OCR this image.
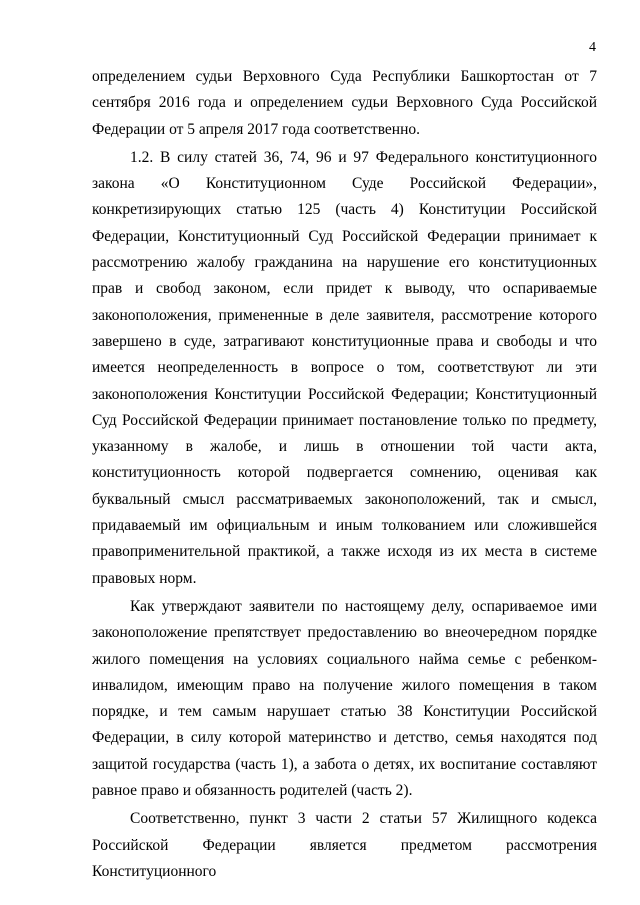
4

определением судьи Верховного Суда Республики Башкортостан от 7 сентября 2016 года и определением судьи Верховного Суда Российской Федерации от 5 апреля 2017 года соответственно.

1.2. В силу статей 36, 74, 96 и 97 Федерального конституционного закона «О Конституционном Суде Российской Федерации», конкретизирующих статью 125 (часть 4) Конституции Российской Федерации, Конституционный Суд Российской Федерации принимает к рассмотрению жалобу гражданина на нарушение его конституционных прав и свобод законом, если придет к выводу, что оспариваемые законоположения, примененные в деле заявителя, рассмотрение которого завершено в суде, затрагивают конституционные права и свободы и что имеется неопределенность в вопросе о том, соответствуют ли эти законоположения Конституции Российской Федерации; Конституционный Суд Российской Федерации принимает постановление только по предмету, указанному в жалобе, и лишь в отношении той части акта, конституционность которой подвергается сомнению, оценивая как буквальный смысл рассматриваемых законоположений, так и смысл, придаваемый им официальным и иным толкованием или сложившейся правоприменительной практикой, а также исходя из их места в системе правовых норм.

Как утверждают заявители по настоящему делу, оспариваемое ими законоположение препятствует предоставлению во внеочередном порядке жилого помещения на условиях социального найма семье с ребенком-инвалидом, имеющим право на получение жилого помещения в таком порядке, и тем самым нарушает статью 38 Конституции Российской Федерации, в силу которой материнство и детство, семья находятся под защитой государства (часть 1), а забота о детях, их воспитание составляют равное право и обязанность родителей (часть 2).

Соответственно, пункт 3 части 2 статьи 57 Жилищного кодекса Российской Федерации является предметом рассмотрения Конституционного
